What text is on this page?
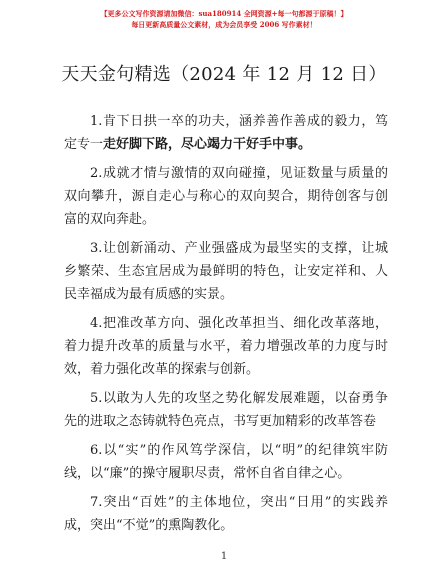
【更多公文写作资源请加微信：sua180914 全网资源+每一句都源于原稿！】
每日更新高质量公文素材，成为会员享受 2006 写作素材！
天天金句精选（2024 年 12 月 12 日）

1.肯下日拱一卒的功夫，涵养善作善成的毅力，笃定专一走好脚下路，尽心竭力干好手中事。

2.成就才情与激情的双向碰撞，见证数量与质量的双向攀升，源自走心与称心的双向契合，期待创客与创富的双向奔赴。

3.让创新涌动、产业强盛成为最坚实的支撑，让城乡繁荣、生态宜居成为最鲜明的特色，让安定祥和、人民幸福成为最有质感的实景。

4.把准改革方向、强化改革担当、细化改革落地，着力提升改革的质量与水平，着力增强改革的力度与时效，着力强化改革的探索与创新。

5.以敢为人先的攻坚之势化解发展难题，以奋勇争先的进取之态铸就特色亮点，书写更加精彩的改革答卷

6.以“实”的作风笃学深信，以“明”的纪律筑牢防线，以“廉”的操守履职尽责，常怀自省自律之心。

7.突出“百姓”的主体地位，突出“日用”的实践养成，突出“不觉”的熏陶教化。

1
